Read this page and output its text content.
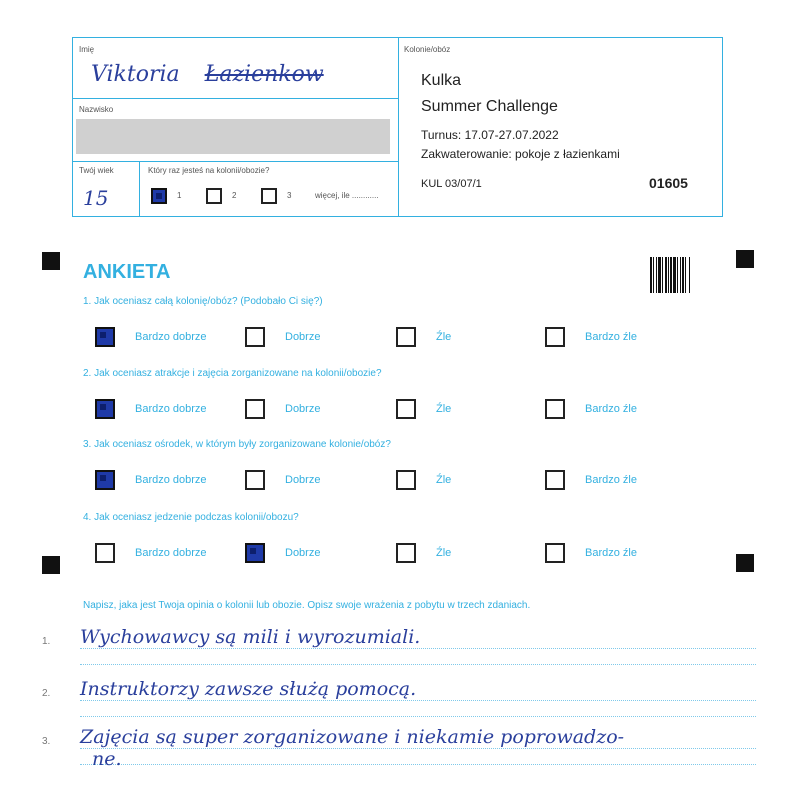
Imię
Viktoria Łazienkow
Nazwisko
Twój wiek
15
Który raz jesteś na kolonii/obozie?
1	2	3	więcej, ile ............
Kolonie/obóz
Kulka
Summer Challenge
Turnus: 17.07-27.07.2022
Zakwaterowanie: pokoje z łazienkami
KUL 03/07/1	01605
ANKIETA
1. Jak oceniasz całą kolonię/obóz? (Podobało Ci się?)
Bardzo dobrze	Dobrze	Źle	Bardzo źle
2. Jak oceniasz atrakcje i zajęcia zorganizowane na kolonii/obozie?
Bardzo dobrze	Dobrze	Źle	Bardzo źle
3. Jak oceniasz ośrodek, w którym były zorganizowane kolonie/obóz?
Bardzo dobrze	Dobrze	Źle	Bardzo źle
4. Jak oceniasz jedzenie podczas kolonii/obozu?
Bardzo dobrze	Dobrze	Źle	Bardzo źle
Napisz, jaka jest Twoja opinia o kolonii lub obozie. Opisz swoje wrażenia z pobytu w trzech zdaniach.
1. Wychowawcy są mili i wyrozumiali.
2. Instruktorzy zawsze służą pomocą.
3. Zajęcia są super zorganizowane i niekamie poprowadzo-
ne.
